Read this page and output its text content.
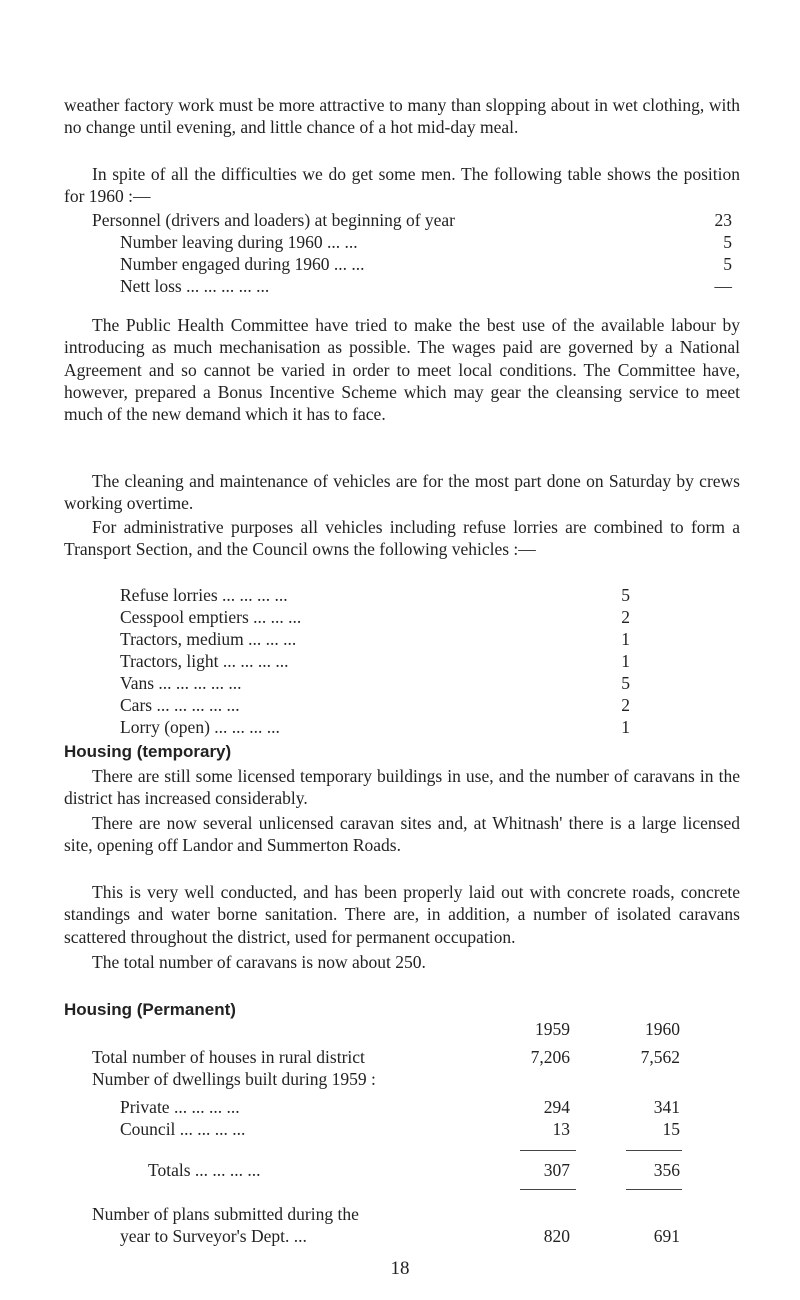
weather factory work must be more attractive to many than slopping about in wet clothing, with no change until evening, and little chance of a hot mid-day meal.

In spite of all the difficulties we do get some men. The following table shows the position for 1960 :—

Personnel (drivers and loaders) at beginning of year	23
Number leaving during 1960 ... ...	5
Number engaged during 1960 ... ...	5
Nett loss ... ... ... ... ...	—

The Public Health Committee have tried to make the best use of the available labour by introducing as much mechanisation as possible. The wages paid are governed by a National Agreement and so cannot be varied in order to meet local conditions. The Committee have, however, prepared a Bonus Incentive Scheme which may gear the cleansing service to meet much of the new demand which it has to face.

The cleaning and maintenance of vehicles are for the most part done on Saturday by crews working overtime.

For administrative purposes all vehicles including refuse lorries are combined to form a Transport Section, and the Council owns the following vehicles :—

Refuse lorries ... ... ... ...	5
Cesspool emptiers ... ... ...	2
Tractors, medium ... ... ...	1
Tractors, light ... ... ... ...	1
Vans ... ... ... ... ...	5
Cars ... ... ... ... ...	2
Lorry (open) ... ... ... ...	1
Housing (temporary)

There are still some licensed temporary buildings in use, and the number of caravans in the district has increased considerably.

There are now several unlicensed caravan sites and, at Whitnash' there is a large licensed site, opening off Landor and Summerton Roads.

This is very well conducted, and has been properly laid out with concrete roads, concrete standings and water borne sanitation. There are, in addition, a number of isolated caravans scattered throughout the district, used for permanent occupation.

The total number of caravans is now about 250.

Housing (Permanent)
1959	1960
Total number of houses in rural district	7,206	7,562
Number of dwellings built during 1959 :
Private ... ... ... ...	294	341
Council ... ... ... ...	13	15
Totals ... ... ... ...	307	356
Number of plans submitted during the
year to Surveyor's Dept. ...	820	691
18
